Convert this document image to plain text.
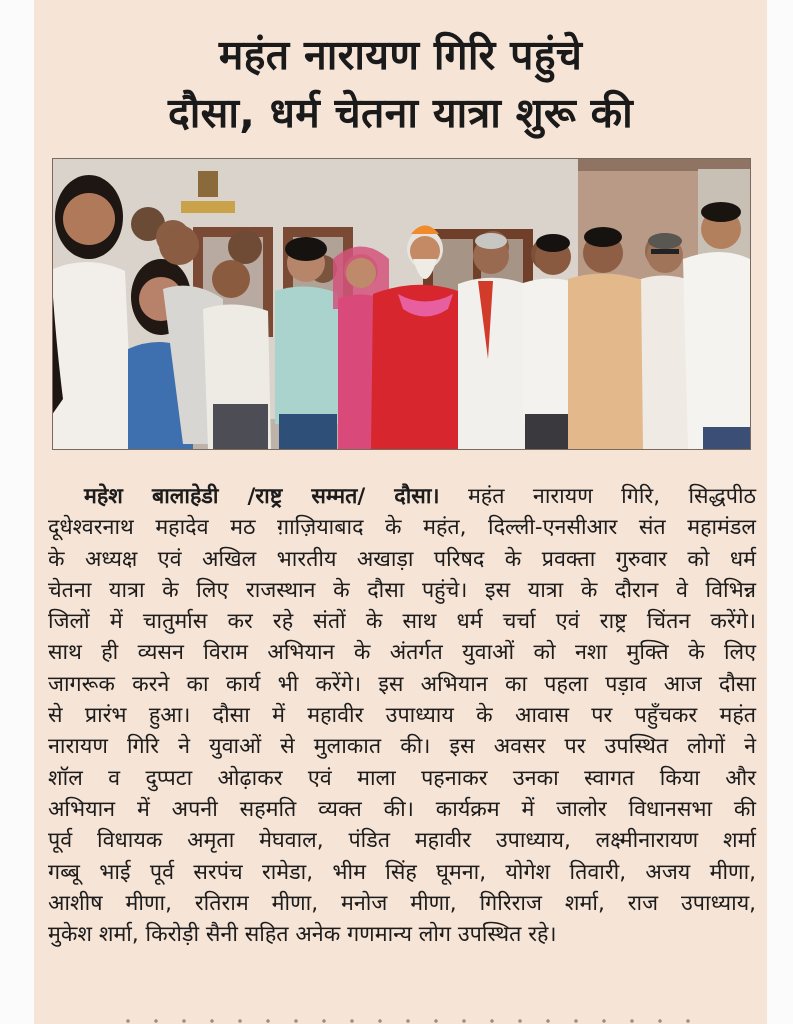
महंत नारायण गिरि पहुंचे
दौसा, धर्म चेतना यात्रा शुरू की
महेश बालाहेडी /राष्ट्र सम्मत/ दौसा। महंत नारायण गिरि, सिद्धपीठ
दूधेश्वरनाथ महादेव मठ ग़ाज़ियाबाद के महंत, दिल्ली-एनसीआर संत महामंडल
के अध्यक्ष एवं अखिल भारतीय अखाड़ा परिषद के प्रवक्ता गुरुवार को धर्म
चेतना यात्रा के लिए राजस्थान के दौसा पहुंचे। इस यात्रा के दौरान वे विभिन्न
जिलों में चातुर्मास कर रहे संतों के साथ धर्म चर्चा एवं राष्ट्र चिंतन करेंगे।
साथ ही व्यसन विराम अभियान के अंतर्गत युवाओं को नशा मुक्ति के लिए
जागरूक करने का कार्य भी करेंगे। इस अभियान का पहला पड़ाव आज दौसा
से प्रारंभ हुआ। दौसा में महावीर उपाध्याय के आवास पर पहुँचकर महंत
नारायण गिरि ने युवाओं से मुलाकात की। इस अवसर पर उपस्थित लोगों ने
शॉल व दुप्पटा ओढ़ाकर एवं माला पहनाकर उनका स्वागत किया और
अभियान में अपनी सहमति व्यक्त की। कार्यक्रम में जालोर विधानसभा की
पूर्व विधायक अमृता मेघवाल, पंडित महावीर उपाध्याय, लक्ष्मीनारायण शर्मा
गब्बू भाई पूर्व सरपंच रामेडा, भीम सिंह घूमना, योगेश तिवारी, अजय मीणा,
आशीष मीणा, रतिराम मीणा, मनोज मीणा, गिरिराज शर्मा, राज उपाध्याय,
मुकेश शर्मा, किरोड़ी सैनी सहित अनेक गणमान्य लोग उपस्थित रहे।
